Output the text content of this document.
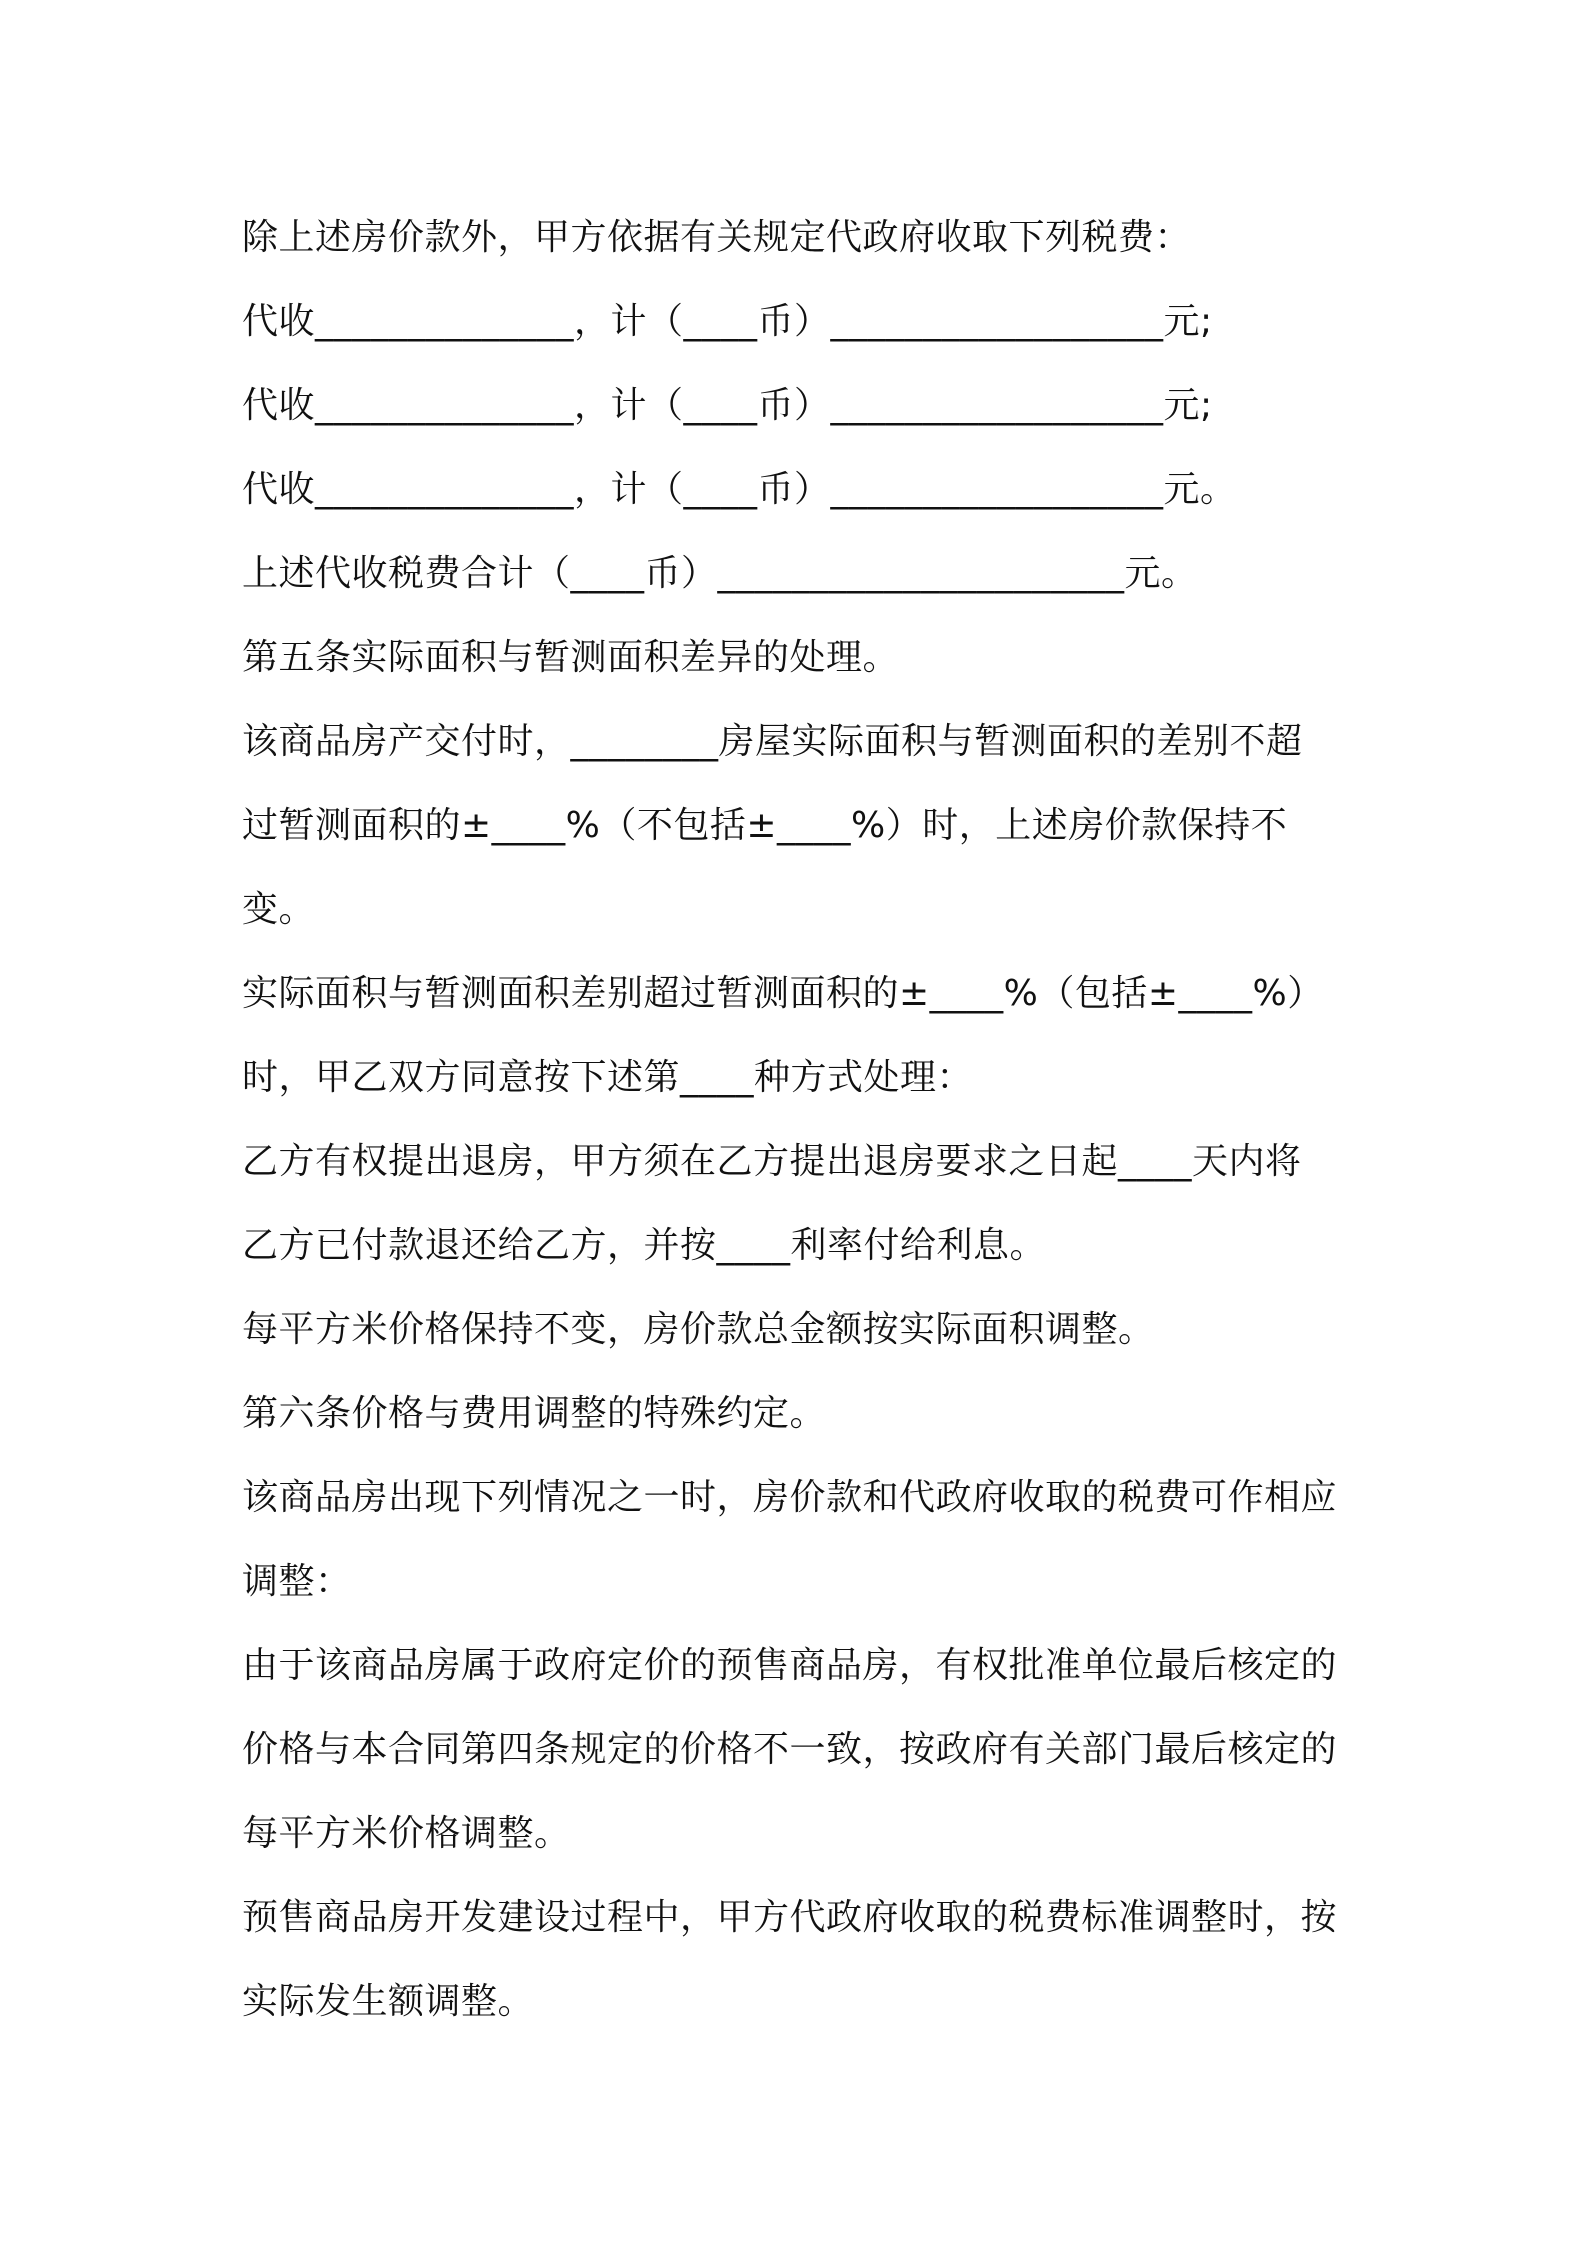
除上述房价款外，甲方依据有关规定代政府收取下列税费：
代收______________，计（____币）__________________元;
代收______________，计（____币）__________________元;
代收______________，计（____币）__________________元。
上述代收税费合计（____币）______________________元。
第五条实际面积与暂测面积差异的处理。
该商品房产交付时，________房屋实际面积与暂测面积的差别不超
过暂测面积的±____%（不包括±____%）时，上述房价款保持不
变。
实际面积与暂测面积差别超过暂测面积的±____%（包括±____%）
时，甲乙双方同意按下述第____种方式处理：
乙方有权提出退房，甲方须在乙方提出退房要求之日起____天内将
乙方已付款退还给乙方，并按____利率付给利息。
每平方米价格保持不变，房价款总金额按实际面积调整。
第六条价格与费用调整的特殊约定。
该商品房出现下列情况之一时，房价款和代政府收取的税费可作相应
调整：
由于该商品房属于政府定价的预售商品房，有权批准单位最后核定的
价格与本合同第四条规定的价格不一致，按政府有关部门最后核定的
每平方米价格调整。
预售商品房开发建设过程中，甲方代政府收取的税费标准调整时，按
实际发生额调整。
